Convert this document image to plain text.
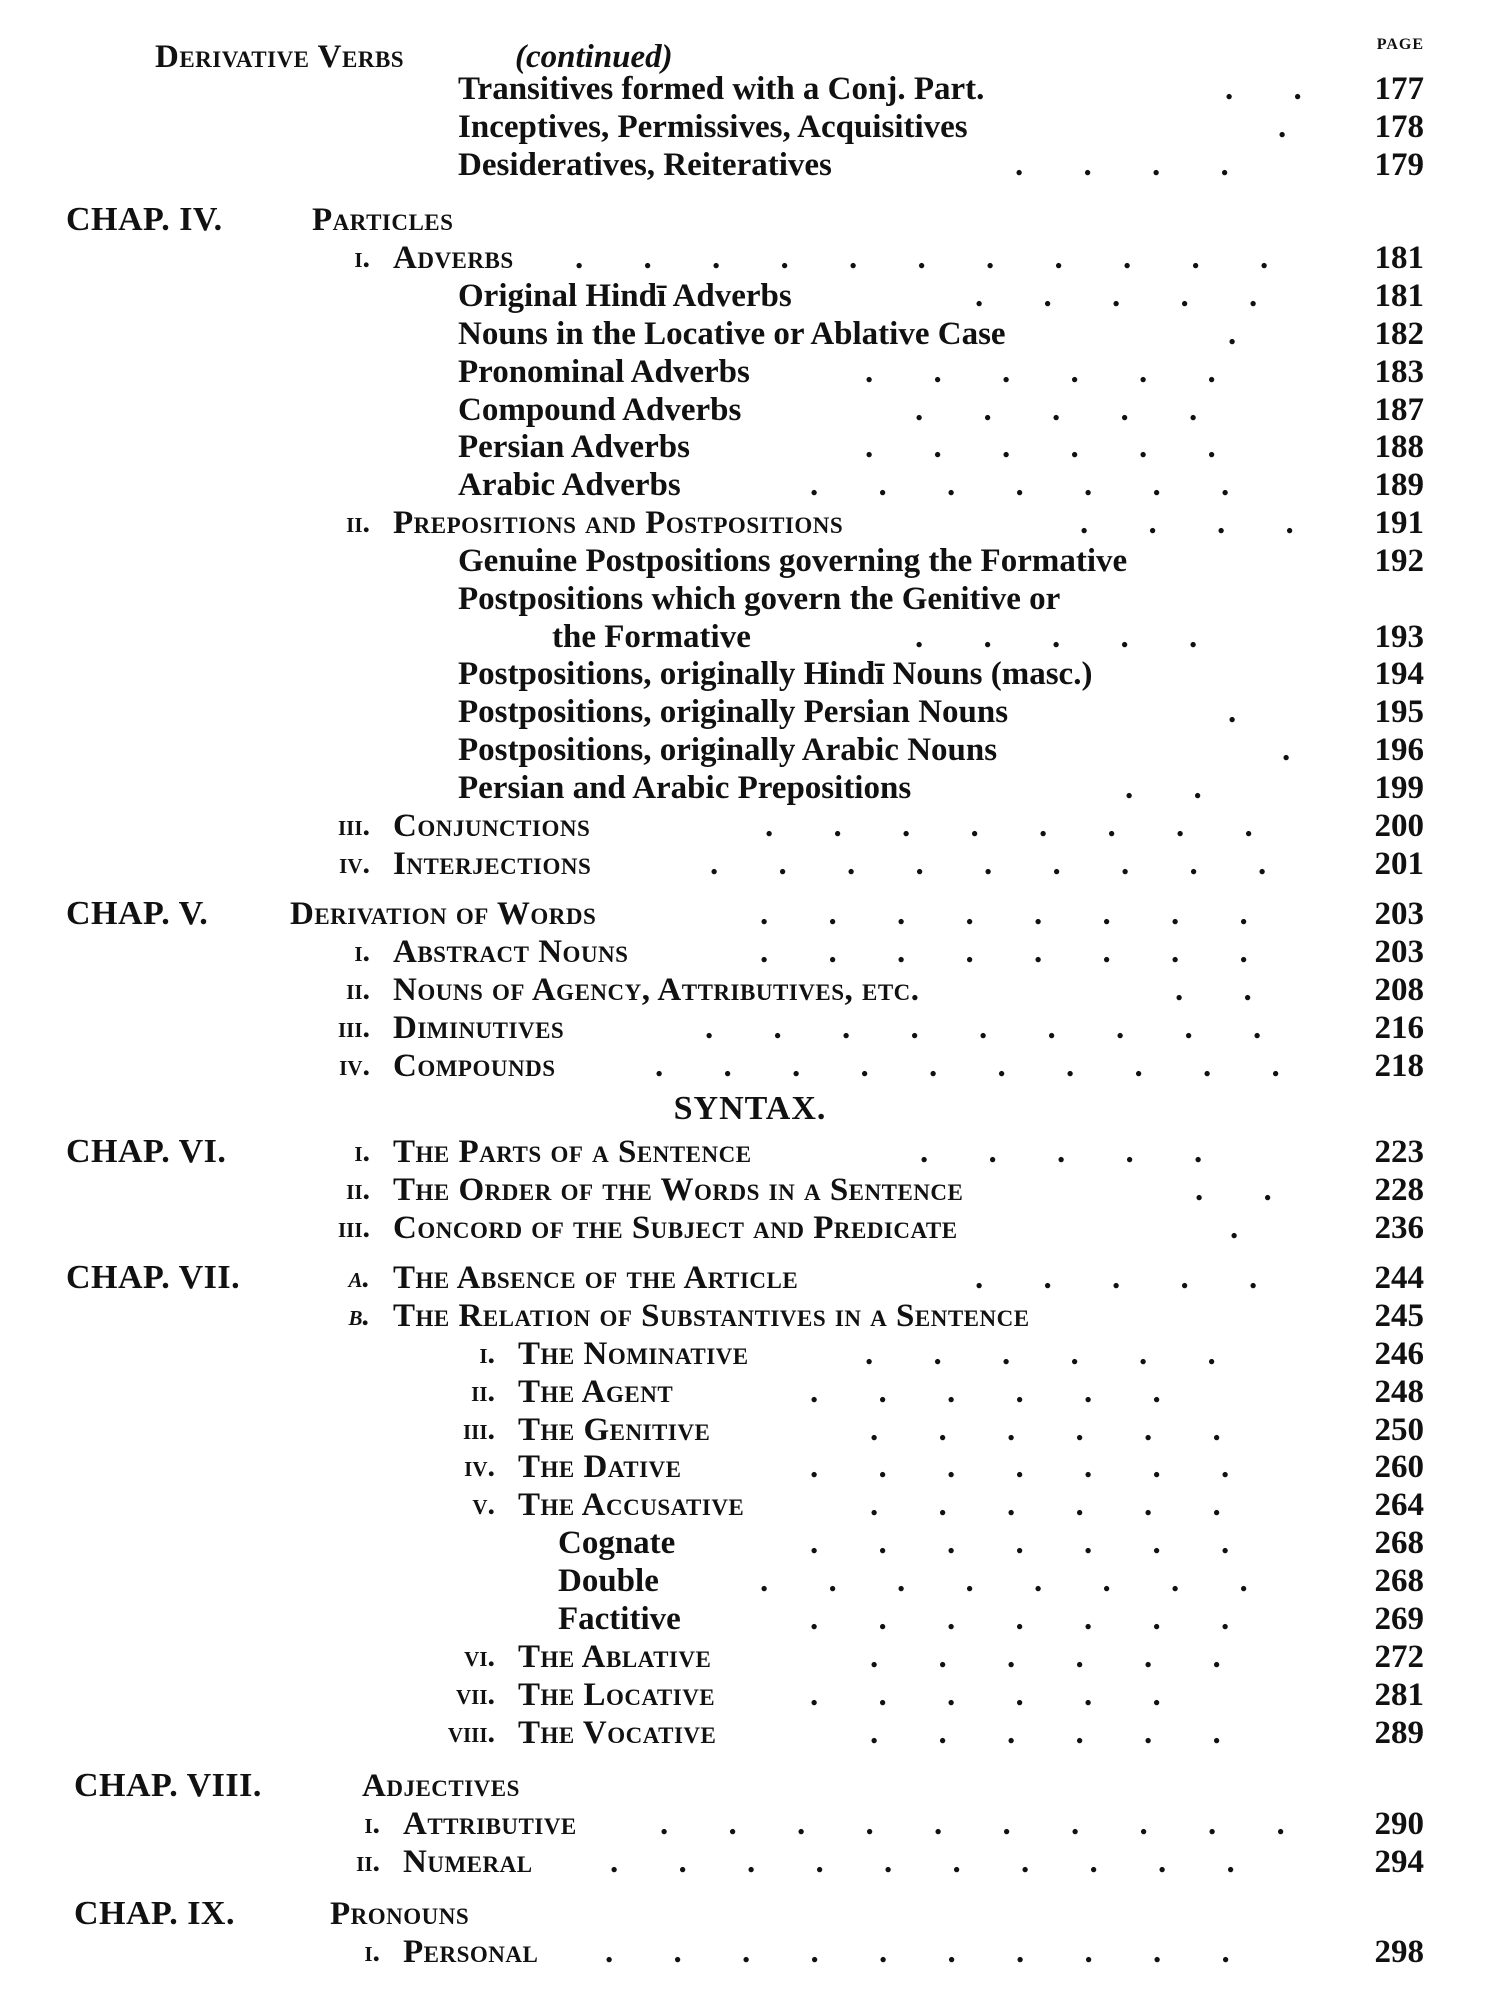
PAGE
Derivative Verbs	(continued)
SYNTAX.
Transitives formed with a Conj. Part.	. . 177
Inceptives, Permissives, Acquisitives	. 178
Desideratives, Reiteratives	. . . .	179
CHAP. IV.	Particles
i. Adverbs . . . . . . . . . . .	181
Original Hindī Adverbs	. . . . .	181
Nouns in the Locative or Ablative Case	.	182
Pronominal Adverbs	. . . . . .	183
Compound Adverbs	. . . . .	187
Persian Adverbs	. . . . . .	188
Arabic Adverbs	. . . . . . .	189
ii. Prepositions and Postpositions	. . . . 191
Genuine Postpositions governing the Formative	192
Postpositions which govern the Genitive or
the Formative	. . . . .	193
Postpositions, originally Hindī Nouns (masc.)	194
Postpositions, originally Persian Nouns	.	195
Postpositions, originally Arabic Nouns	. 196
Persian and Arabic Prepositions	. .	199
iii. Conjunctions	. . . . . . . .	200
iv. Interjections	. . . . . . . . .	201
CHAP. V. Derivation of Words	. . . . . . . .	203
i. Abstract Nouns	. . . . . . . .	203
ii. Nouns of Agency, Attributives, etc.	. .	208
iii. Diminutives	. . . . . . . . .	216
iv. Compounds	. . . . . . . . . . 218
CHAP. VI.	i. The Parts of a Sentence	. . . . .	223
ii. The Order of the Words in a Sentence	. .	228
iii. Concord of the Subject and Predicate	.	236
CHAP. VII.	a. The Absence of the Article	. . . . .	244
b. The Relation of Substantives in a Sentence	245
i. The Nominative	. . . . . .	246
ii. The Agent	. . . . . .	248
iii. The Genitive	. . . . . .	250
iv. The Dative	. . . . . . .	260
v. The Accusative	. . . . . .	264
Cognate	. . . . . . .	268
Double	. . . . . . . .	268
Factitive	. . . . . . .	269
vi. The Ablative	. . . . . .	272
vii. The Locative	. . . . . .	281
viii. The Vocative	. . . . . .	289
CHAP. VIII.	Adjectives
i. Attributive	. . . . . . . . . . 290
ii. Numeral . . . . . . . . . .	294
CHAP. IX.	Pronouns
i. Personal . . . . . . . . . .	298
